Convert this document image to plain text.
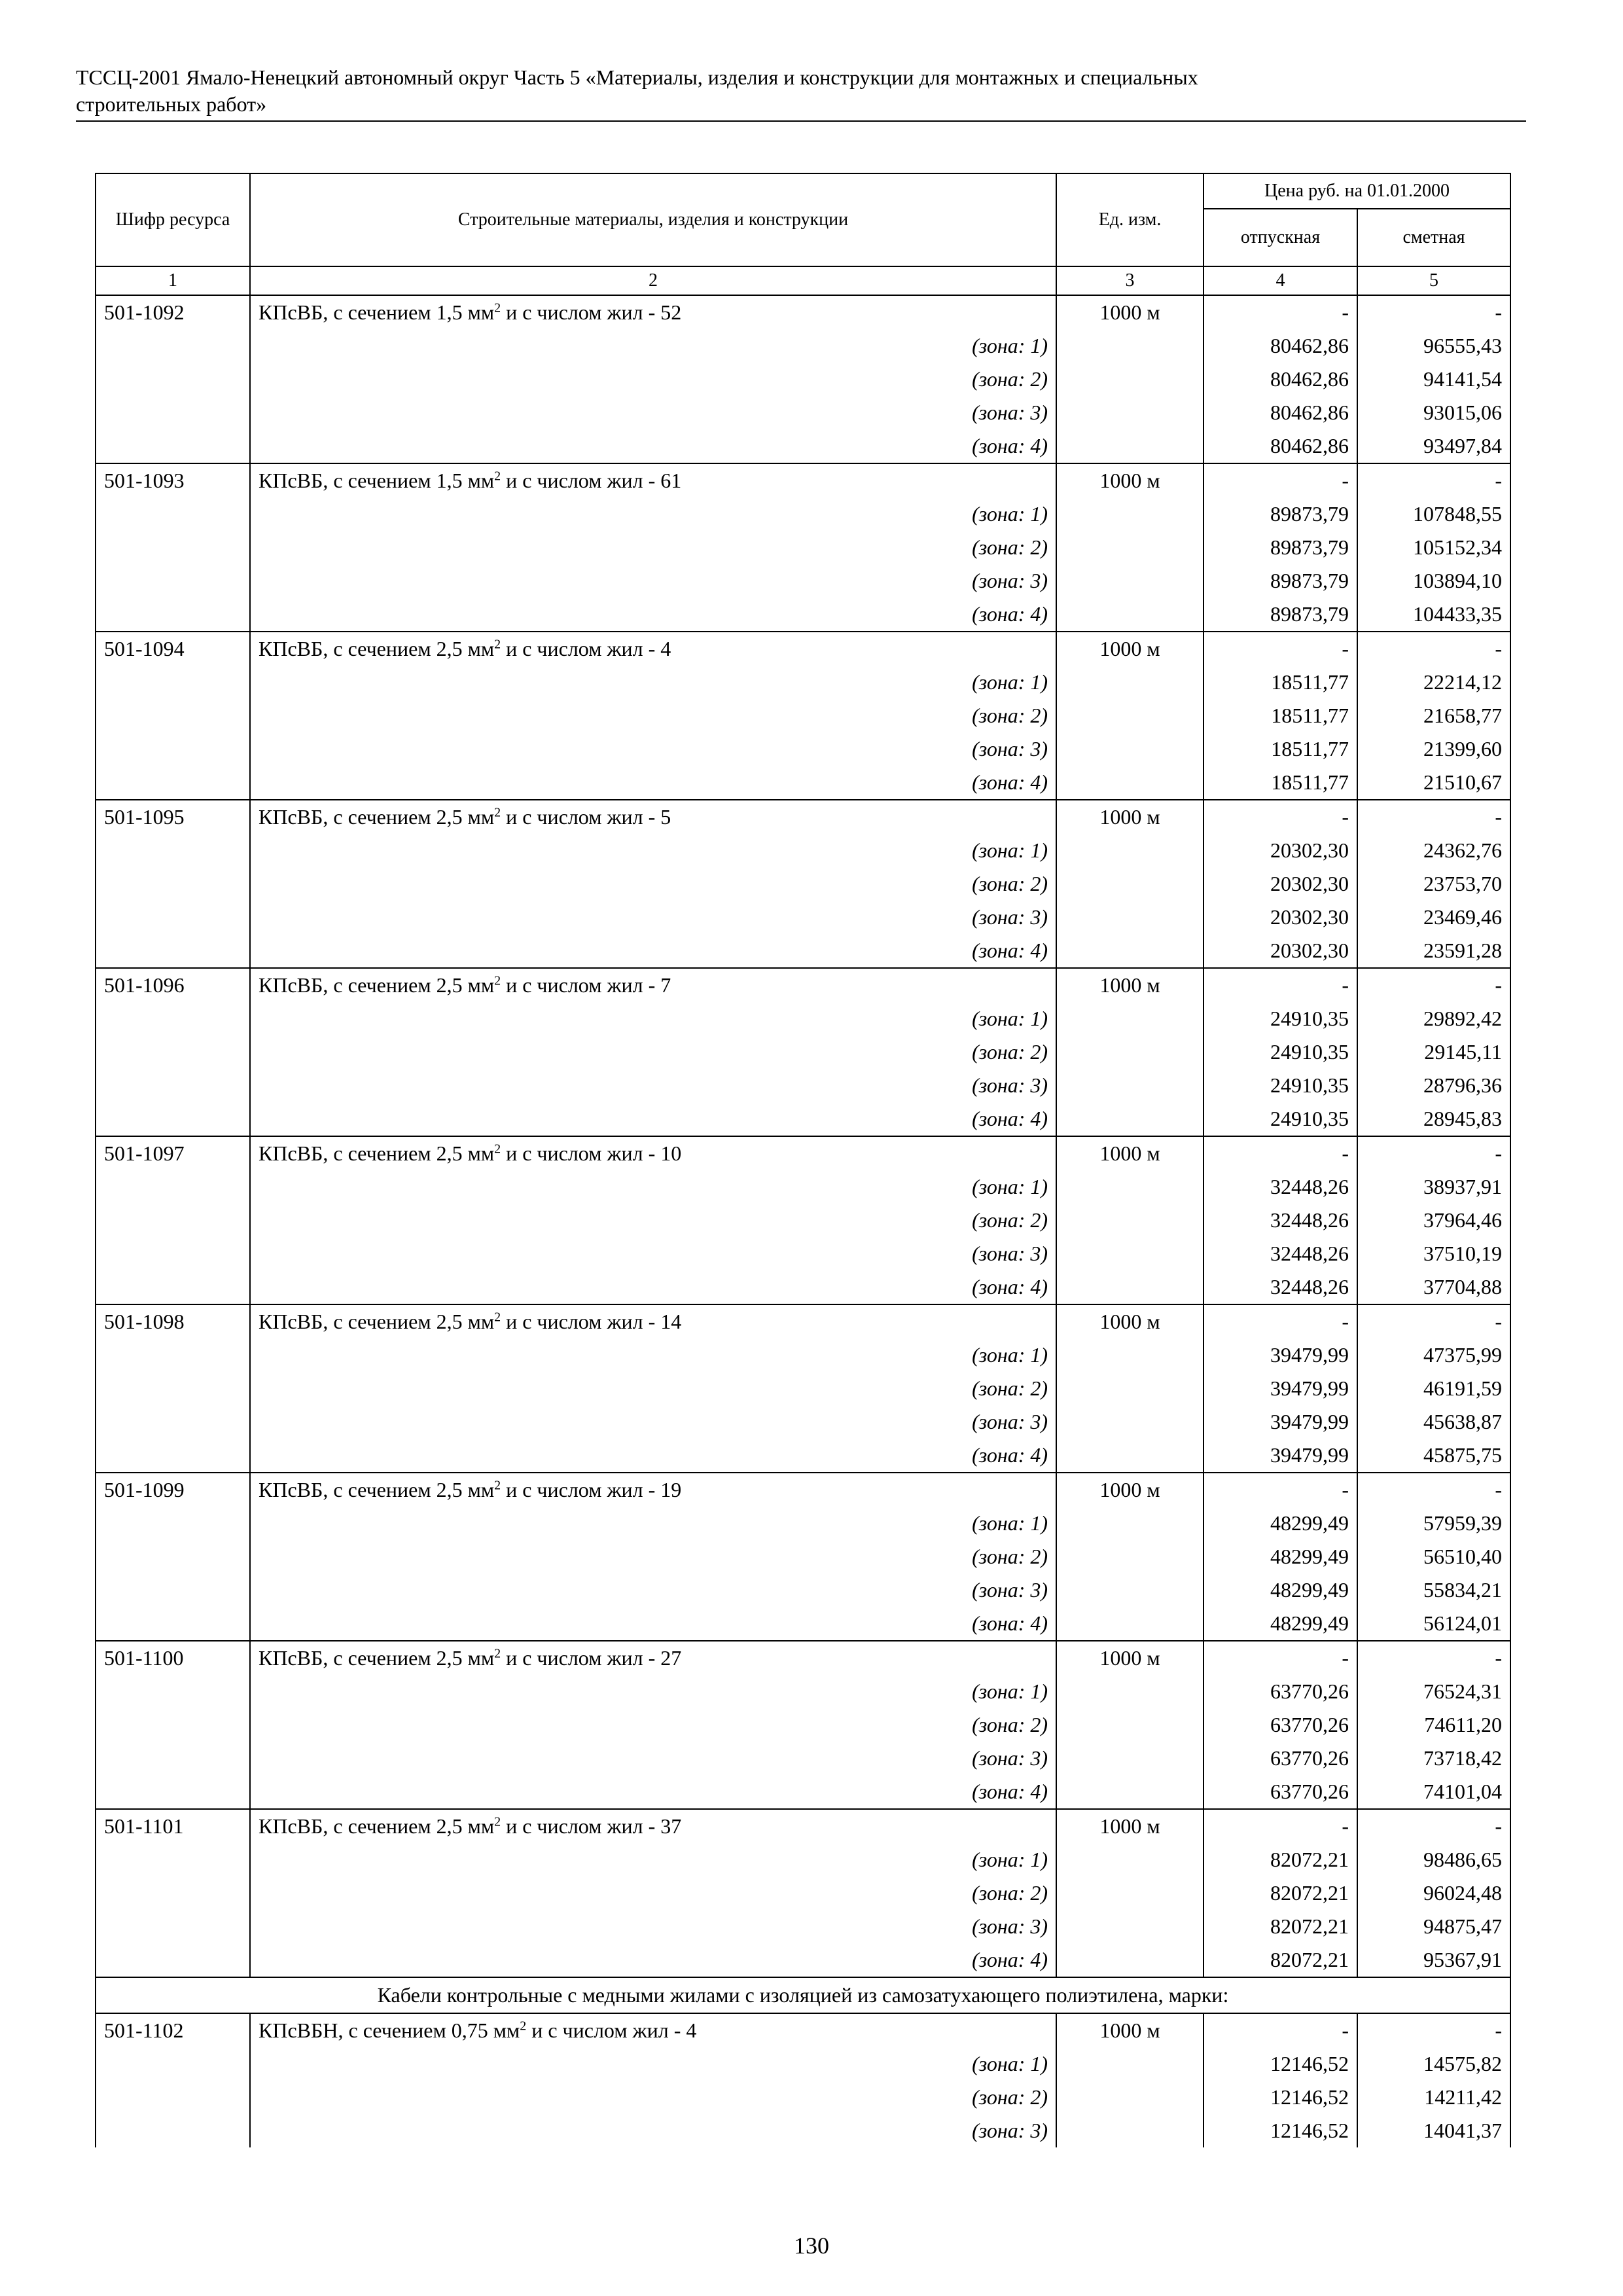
ТССЦ-2001 Ямало-Ненецкий автономный округ Часть 5 «Материалы, изделия и конструкции для монтажных и специальных
строительных работ»
Шифр ресурса	Строительные материалы, изделия и конструкции	Ед. изм.	Цена руб. на 01.01.2000	
			отпускная	сметная
1	2	3	4	5
501-1092	КПсВБ, с сечением 1,5 $мм^2$ и с числом жил - 52	1000 м	-	-
	(зона: 1)		80462,86	96555,43
	(зона: 2)		80462,86	94141,54
	(зона: 3)		80462,86	93015,06
	(зона: 4)		80462,86	93497,84
501-1093	КПсВБ, с сечением 1,5 $мм^2$ и с числом жил - 61	1000 м	-	-
	(зона: 1)		89873,79	107848,55
	(зона: 2)		89873,79	105152,34
	(зона: 3)		89873,79	103894,10
	(зона: 4)		89873,79	104433,35
501-1094	КПсВБ, с сечением 2,5 $мм^2$ и с числом жил - 4	1000 м	-	-
	(зона: 1)		18511,77	22214,12
	(зона: 2)		18511,77	21658,77
	(зона: 3)		18511,77	21399,60
	(зона: 4)		18511,77	21510,67
501-1095	КПсВБ, с сечением 2,5 $мм^2$ и с числом жил - 5	1000 м	-	-
	(зона: 1)		20302,30	24362,76
	(зона: 2)		20302,30	23753,70
	(зона: 3)		20302,30	23469,46
	(зона: 4)		20302,30	23591,28
501-1096	КПсВБ, с сечением 2,5 $мм^2$ и с числом жил - 7	1000 м	-	-
	(зона: 1)		24910,35	29892,42
	(зона: 2)		24910,35	29145,11
	(зона: 3)		24910,35	28796,36
	(зона: 4)		24910,35	28945,83
501-1097	КПсВБ, с сечением 2,5 $мм^2$ и с числом жил - 10	1000 м	-	-
	(зона: 1)		32448,26	38937,91
	(зона: 2)		32448,26	37964,46
	(зона: 3)		32448,26	37510,19
	(зона: 4)		32448,26	37704,88
501-1098	КПсВБ, с сечением 2,5 $мм^2$ и с числом жил - 14	1000 м	-	-
	(зона: 1)		39479,99	47375,99
	(зона: 2)		39479,99	46191,59
	(зона: 3)		39479,99	45638,87
	(зона: 4)		39479,99	45875,75
501-1099	КПсВБ, с сечением 2,5 $мм^2$ и с числом жил - 19	1000 м	-	-
	(зона: 1)		48299,49	57959,39
	(зона: 2)		48299,49	56510,40
	(зона: 3)		48299,49	55834,21
	(зона: 4)		48299,49	56124,01
501-1100	КПсВБ, с сечением 2,5 $мм^2$ и с числом жил - 27	1000 м	-	-
	(зона: 1)		63770,26	76524,31
	(зона: 2)		63770,26	74611,20
	(зона: 3)		63770,26	73718,42
	(зона: 4)		63770,26	74101,04
501-1101	КПсВБ, с сечением 2,5 $мм^2$ и с числом жил - 37	1000 м	-	-
	(зона: 1)		82072,21	98486,65
	(зона: 2)		82072,21	96024,48
	(зона: 3)		82072,21	94875,47
	(зона: 4)		82072,21	95367,91
Кабели контрольные с медными жилами с изоляцией из самозатухающего полиэтилена, марки:				
501-1102	КПсВБН, с сечением 0,75 $мм^2$ и с числом жил - 4	1000 м	-	-
	(зона: 1)		12146,52	14575,82
	(зона: 2)		12146,52	14211,42
	(зона: 3)		12146,52	14041,37
130
